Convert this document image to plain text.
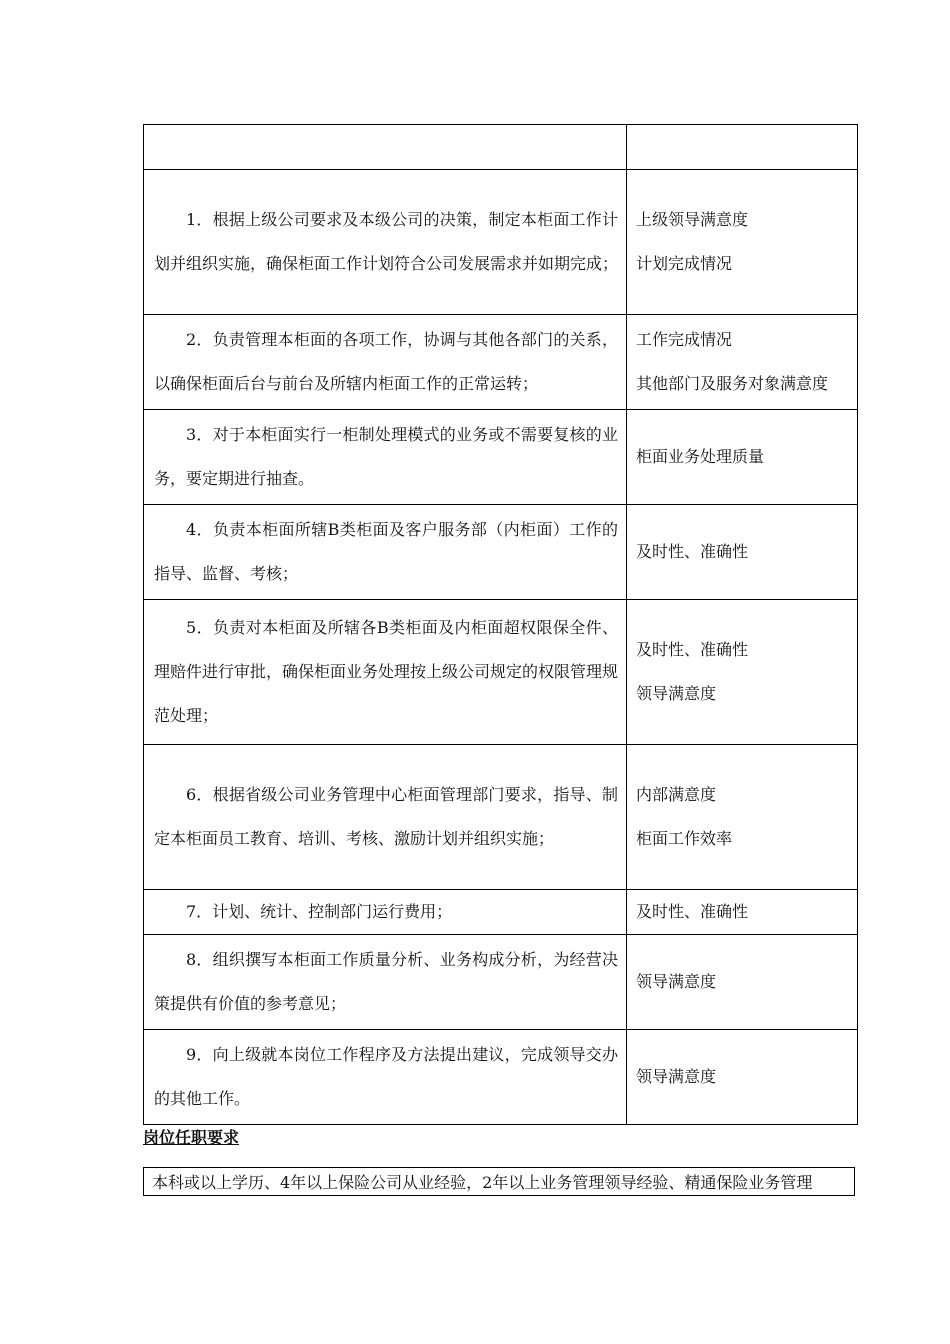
1．根据上级公司要求及本级公司的决策，制定本柜面工作计划并组织实施，确保柜面工作计划符合公司发展需求并如期完成；	上级领导满意度
计划完成情况

2．负责管理本柜面的各项工作，协调与其他各部门的关系，以确保柜面后台与前台及所辖内柜面工作的正常运转；	工作完成情况
其他部门及服务对象满意度

3．对于本柜面实行一柜制处理模式的业务或不需要复核的业务，要定期进行抽查。	柜面业务处理质量

4．负责本柜面所辖B类柜面及客户服务部（内柜面）工作的指导、监督、考核；	及时性、准确性

5．负责对本柜面及所辖各B类柜面及内柜面超权限保全件、理赔件进行审批，确保柜面业务处理按上级公司规定的权限管理规范处理；	及时性、准确性
领导满意度

6．根据省级公司业务管理中心柜面管理部门要求，指导、制定本柜面员工教育、培训、考核、激励计划并组织实施；	内部满意度
柜面工作效率

7．计划、统计、控制部门运行费用；	及时性、准确性

8．组织撰写本柜面工作质量分析、业务构成分析，为经营决策提供有价值的参考意见；	领导满意度

9．向上级就本岗位工作程序及方法提出建议，完成领导交办的其他工作。	领导满意度
岗位任职要求
本科或以上学历、4年以上保险公司从业经验，2年以上业务管理领导经验、精通保险业务管理
